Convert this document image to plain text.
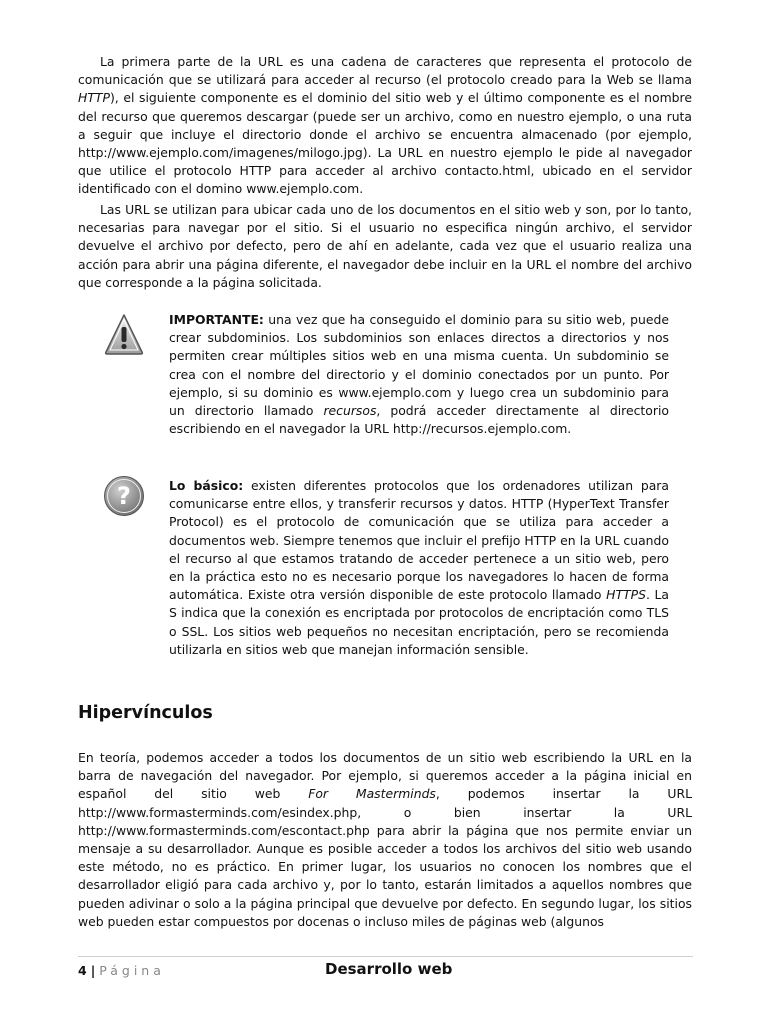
La primera parte de la URL es una cadena de caracteres que representa el protocolo de comunicación que se utilizará para acceder al recurso (el protocolo creado para la Web se llama HTTP), el siguiente componente es el dominio del sitio web y el último componente es el nombre del recurso que queremos descargar (puede ser un archivo, como en nuestro ejemplo, o una ruta a seguir que incluye el directorio donde el archivo se encuentra almacenado (por ejemplo, http://www.ejemplo.com/imagenes/milogo.jpg). La URL en nuestro ejemplo le pide al navegador que utilice el protocolo HTTP para acceder al archivo contacto.html, ubicado en el servidor identificado con el domino www.ejemplo.com.

Las URL se utilizan para ubicar cada uno de los documentos en el sitio web y son, por lo tanto, necesarias para navegar por el sitio. Si el usuario no especifica ningún archivo, el servidor devuelve el archivo por defecto, pero de ahí en adelante, cada vez que el usuario realiza una acción para abrir una página diferente, el navegador debe incluir en la URL el nombre del archivo que corresponde a la página solicitada.

IMPORTANTE: una vez que ha conseguido el dominio para su sitio web, puede crear subdominios. Los subdominios son enlaces directos a directorios y nos permiten crear múltiples sitios web en una misma cuenta. Un subdominio se crea con el nombre del directorio y el dominio conectados por un punto. Por ejemplo, si su dominio es www.ejemplo.com y luego crea un subdominio para un directorio llamado recursos, podrá acceder directamente al directorio escribiendo en el navegador la URL http://recursos.ejemplo.com.

?	Lo básico: existen diferentes protocolos que los ordenadores utilizan para comunicarse entre ellos, y transferir recursos y datos. HTTP (HyperText Transfer Protocol) es el protocolo de comunicación que se utiliza para acceder a documentos web. Siempre tenemos que incluir el prefijo HTTP en la URL cuando el recurso al que estamos tratando de acceder pertenece a un sitio web, pero en la práctica esto no es necesario porque los navegadores lo hacen de forma automática. Existe otra versión disponible de este protocolo llamado HTTPS. La S indica que la conexión es encriptada por protocolos de encriptación como TLS o SSL. Los sitios web pequeños no necesitan encriptación, pero se recomienda utilizarla en sitios web que manejan información sensible.

Hipervínculos

En teoría, podemos acceder a todos los documentos de un sitio web escribiendo la URL en la barra de navegación del navegador. Por ejemplo, si queremos acceder a la página inicial en español del sitio web For Masterminds, podemos insertar la URL http://www.formasterminds.com/esindex.php, o bien insertar la URL http://www.formasterminds.com/escontact.php para abrir la página que nos permite enviar un mensaje a su desarrollador. Aunque es posible acceder a todos los archivos del sitio web usando este método, no es práctico. En primer lugar, los usuarios no conocen los nombres que el desarrollador eligió para cada archivo y, por lo tanto, estarán limitados a aquellos nombres que pueden adivinar o solo a la página principal que devuelve por defecto. En segundo lugar, los sitios web pueden estar compuestos por docenas o incluso miles de páginas web (algunos

4 | Página	Desarrollo web
